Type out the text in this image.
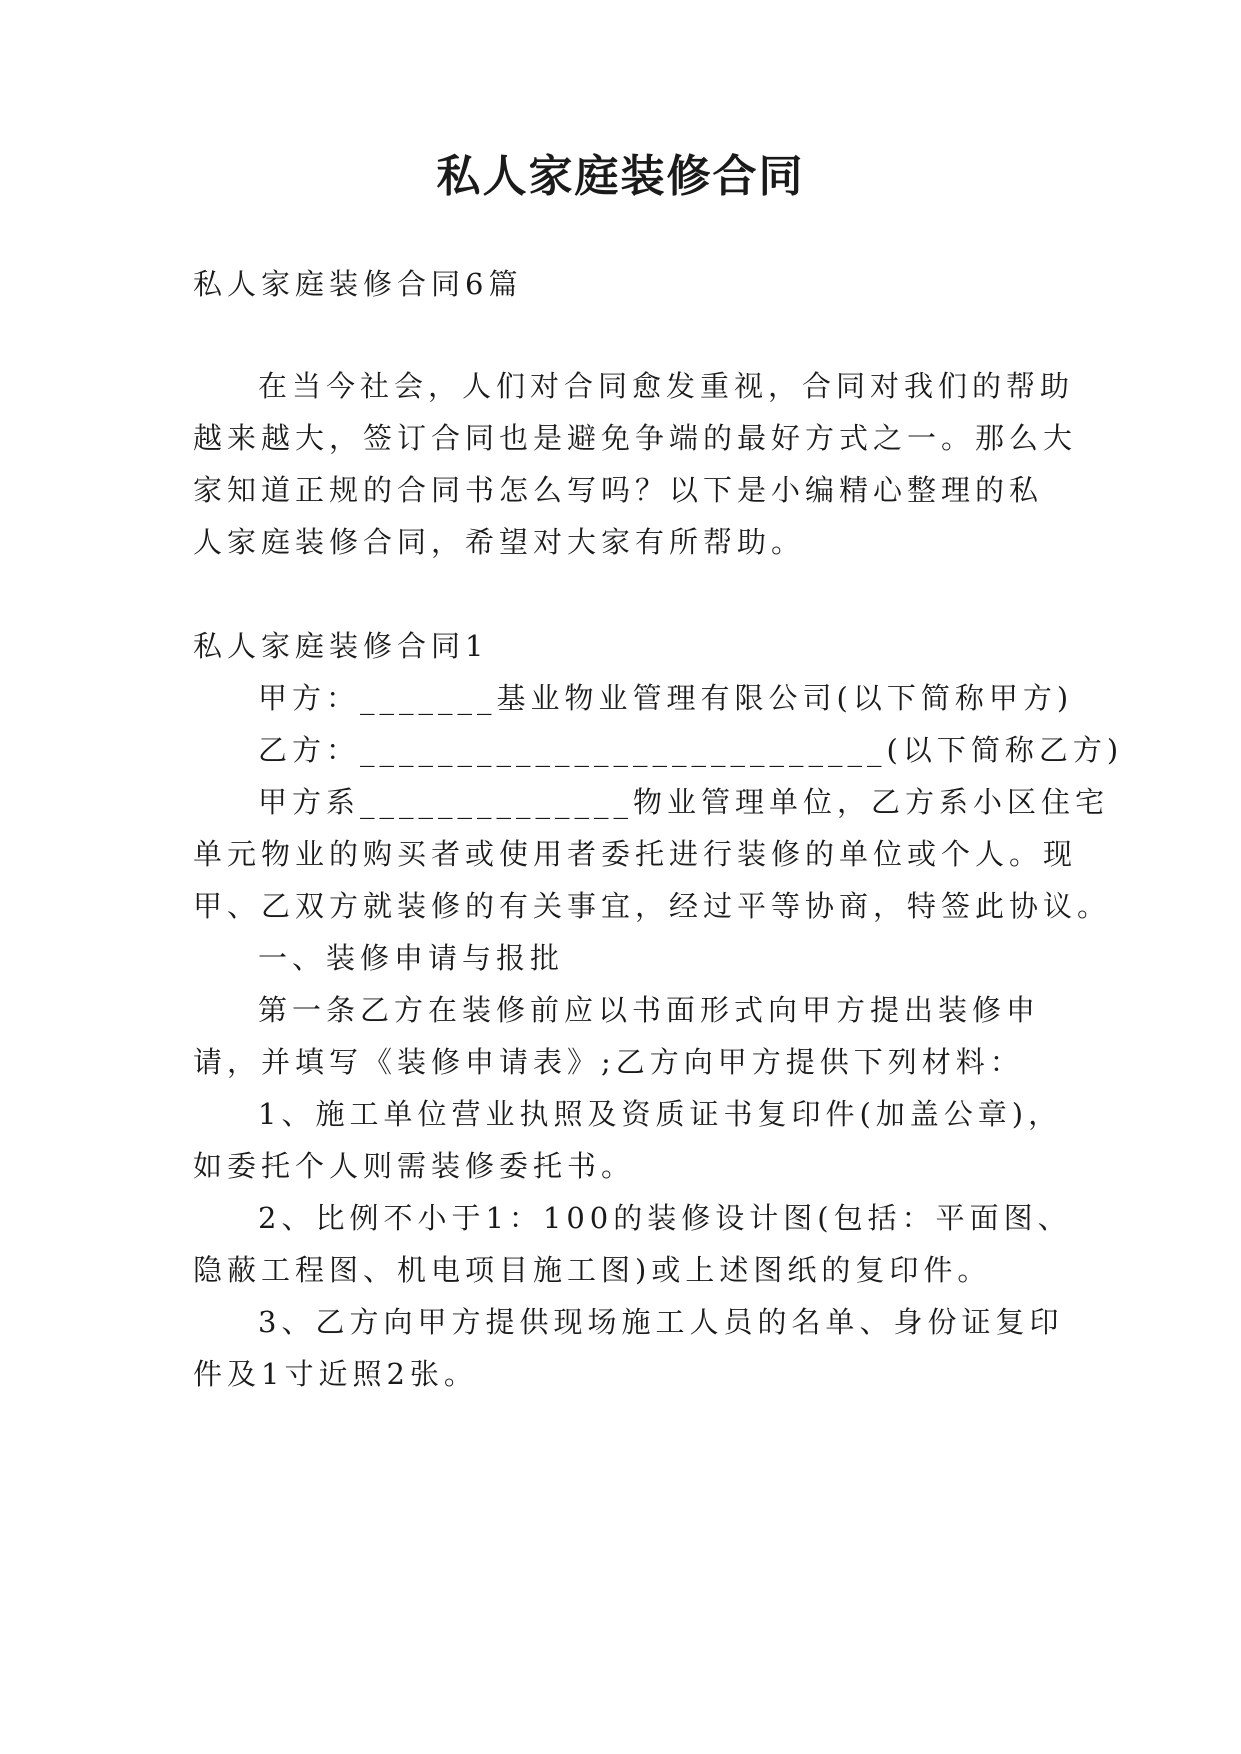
私人家庭装修合同
私人家庭装修合同6篇
在当今社会，人们对合同愈发重视，合同对我们的帮助
越来越大，签订合同也是避免争端的最好方式之一。那么大
家知道正规的合同书怎么写吗？以下是小编精心整理的私
人家庭装修合同，希望对大家有所帮助。
私人家庭装修合同1
甲方：_______基业物业管理有限公司(以下简称甲方)
乙方：___________________________(以下简称乙方)
甲方系______________物业管理单位，乙方系小区住宅
单元物业的购买者或使用者委托进行装修的单位或个人。现
甲、乙双方就装修的有关事宜，经过平等协商，特签此协议。
一、装修申请与报批
第一条乙方在装修前应以书面形式向甲方提出装修申
请，并填写《装修申请表》;乙方向甲方提供下列材料：
1、施工单位营业执照及资质证书复印件(加盖公章)，
如委托个人则需装修委托书。
2、比例不小于1：100的装修设计图(包括：平面图、
隐蔽工程图、机电项目施工图)或上述图纸的复印件。
3、乙方向甲方提供现场施工人员的名单、身份证复印
件及1寸近照2张。
